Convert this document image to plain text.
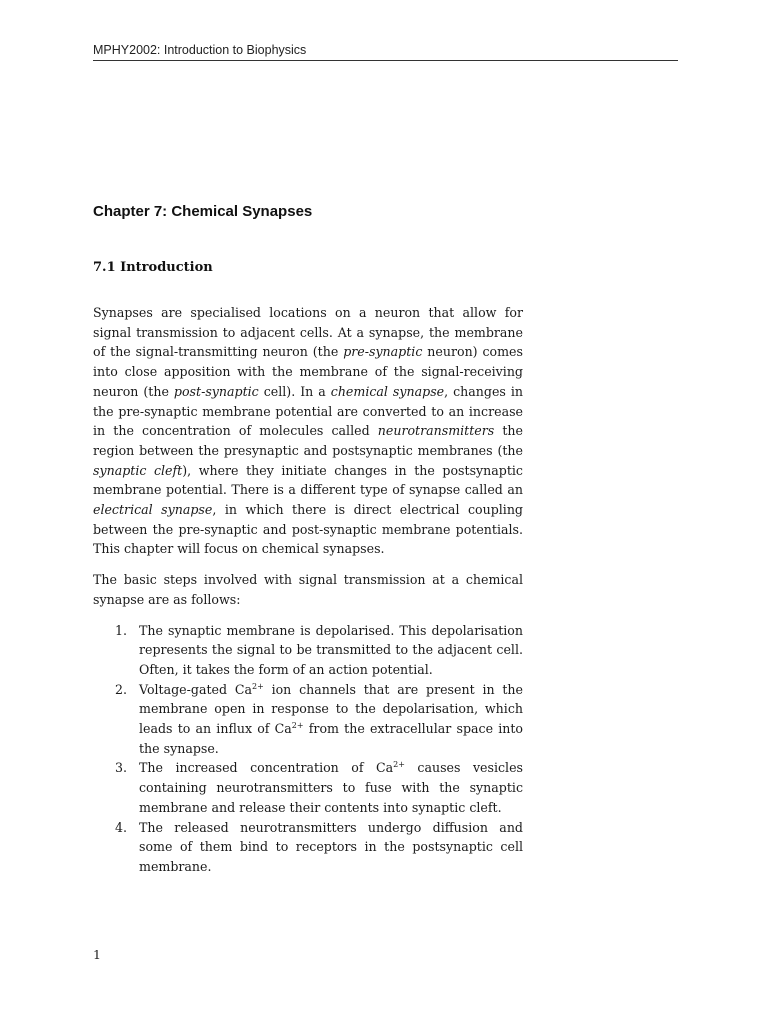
MPHY2002: Introduction to Biophysics
Chapter 7: Chemical Synapses
7.1 Introduction

Synapses are specialised locations on a neuron that allow for signal transmission to adjacent cells. At a synapse, the membrane of the signal-transmitting neuron (the pre-synaptic neuron) comes into close apposition with the membrane of the signal-receiving neuron (the post-synaptic cell). In a chemical synapse, changes in the pre-synaptic membrane potential are converted to an increase in the concentration of molecules called neurotransmitters the region between the presynaptic and postsynaptic membranes (the synaptic cleft), where they initiate changes in the postsynaptic membrane potential. There is a different type of synapse called an electrical synapse, in which there is direct electrical coupling between the pre-synaptic and post-synaptic membrane potentials. This chapter will focus on chemical synapses.

The basic steps involved with signal transmission at a chemical synapse are as follows:

1. The synaptic membrane is depolarised. This depolarisation represents the signal to be transmitted to the adjacent cell. Often, it takes the form of an action potential.
2. Voltage-gated $Ca^{2+}$ ion channels that are present in the membrane open in response to the depolarisation, which leads to an influx of $Ca^{2+}$ from the extracellular space into the synapse.
3. The increased concentration of $Ca^{2+}$ causes vesicles containing neurotransmitters to fuse with the synaptic membrane and release their contents into synaptic cleft.
4. The released neurotransmitters undergo diffusion and some of them bind to receptors in the postsynaptic cell membrane.
1
